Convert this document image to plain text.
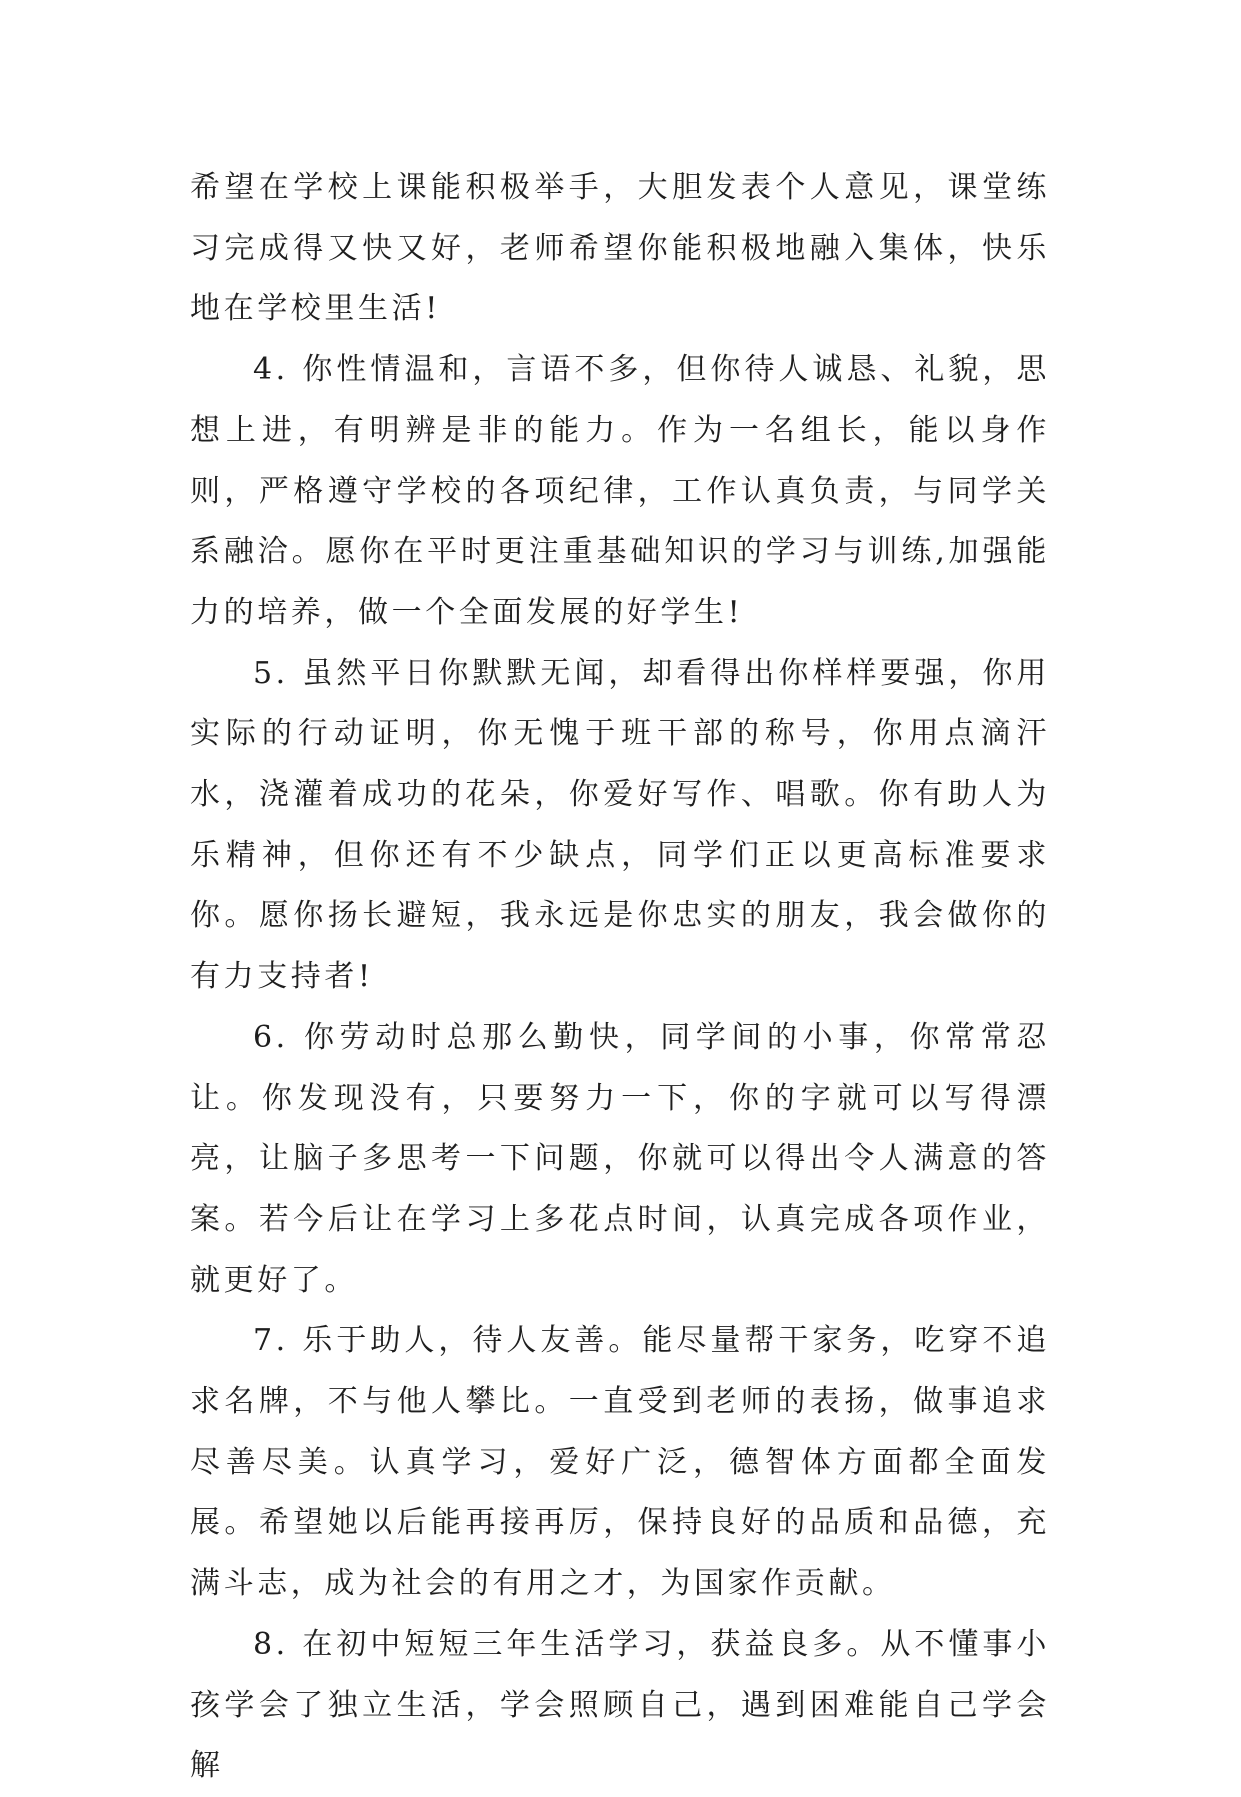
希望在学校上课能积极举手，大胆发表个人意见，课堂练习完成得又快又好，老师希望你能积极地融入集体，快乐地在学校里生活!

4. 你性情温和，言语不多，但你待人诚恳、礼貌，思想上进，有明辨是非的能力。作为一名组长，能以身作则，严格遵守学校的各项纪律，工作认真负责，与同学关系融洽。愿你在平时更注重基础知识的学习与训练,加强能力的培养，做一个全面发展的好学生!

5. 虽然平日你默默无闻，却看得出你样样要强，你用实际的行动证明，你无愧于班干部的称号，你用点滴汗水，浇灌着成功的花朵，你爱好写作、唱歌。你有助人为乐精神，但你还有不少缺点，同学们正以更高标准要求你。愿你扬长避短，我永远是你忠实的朋友，我会做你的有力支持者!

6. 你劳动时总那么勤快，同学间的小事，你常常忍让。你发现没有，只要努力一下，你的字就可以写得漂亮，让脑子多思考一下问题，你就可以得出令人满意的答案。若今后让在学习上多花点时间，认真完成各项作业，就更好了。

7. 乐于助人，待人友善。能尽量帮干家务，吃穿不追求名牌，不与他人攀比。一直受到老师的表扬，做事追求尽善尽美。认真学习，爱好广泛，德智体方面都全面发展。希望她以后能再接再厉，保持良好的品质和品德，充满斗志，成为社会的有用之才，为国家作贡献。

8. 在初中短短三年生活学习，获益良多。从不懂事小孩学会了独立生活，学会照顾自己，遇到困难能自己学会解
